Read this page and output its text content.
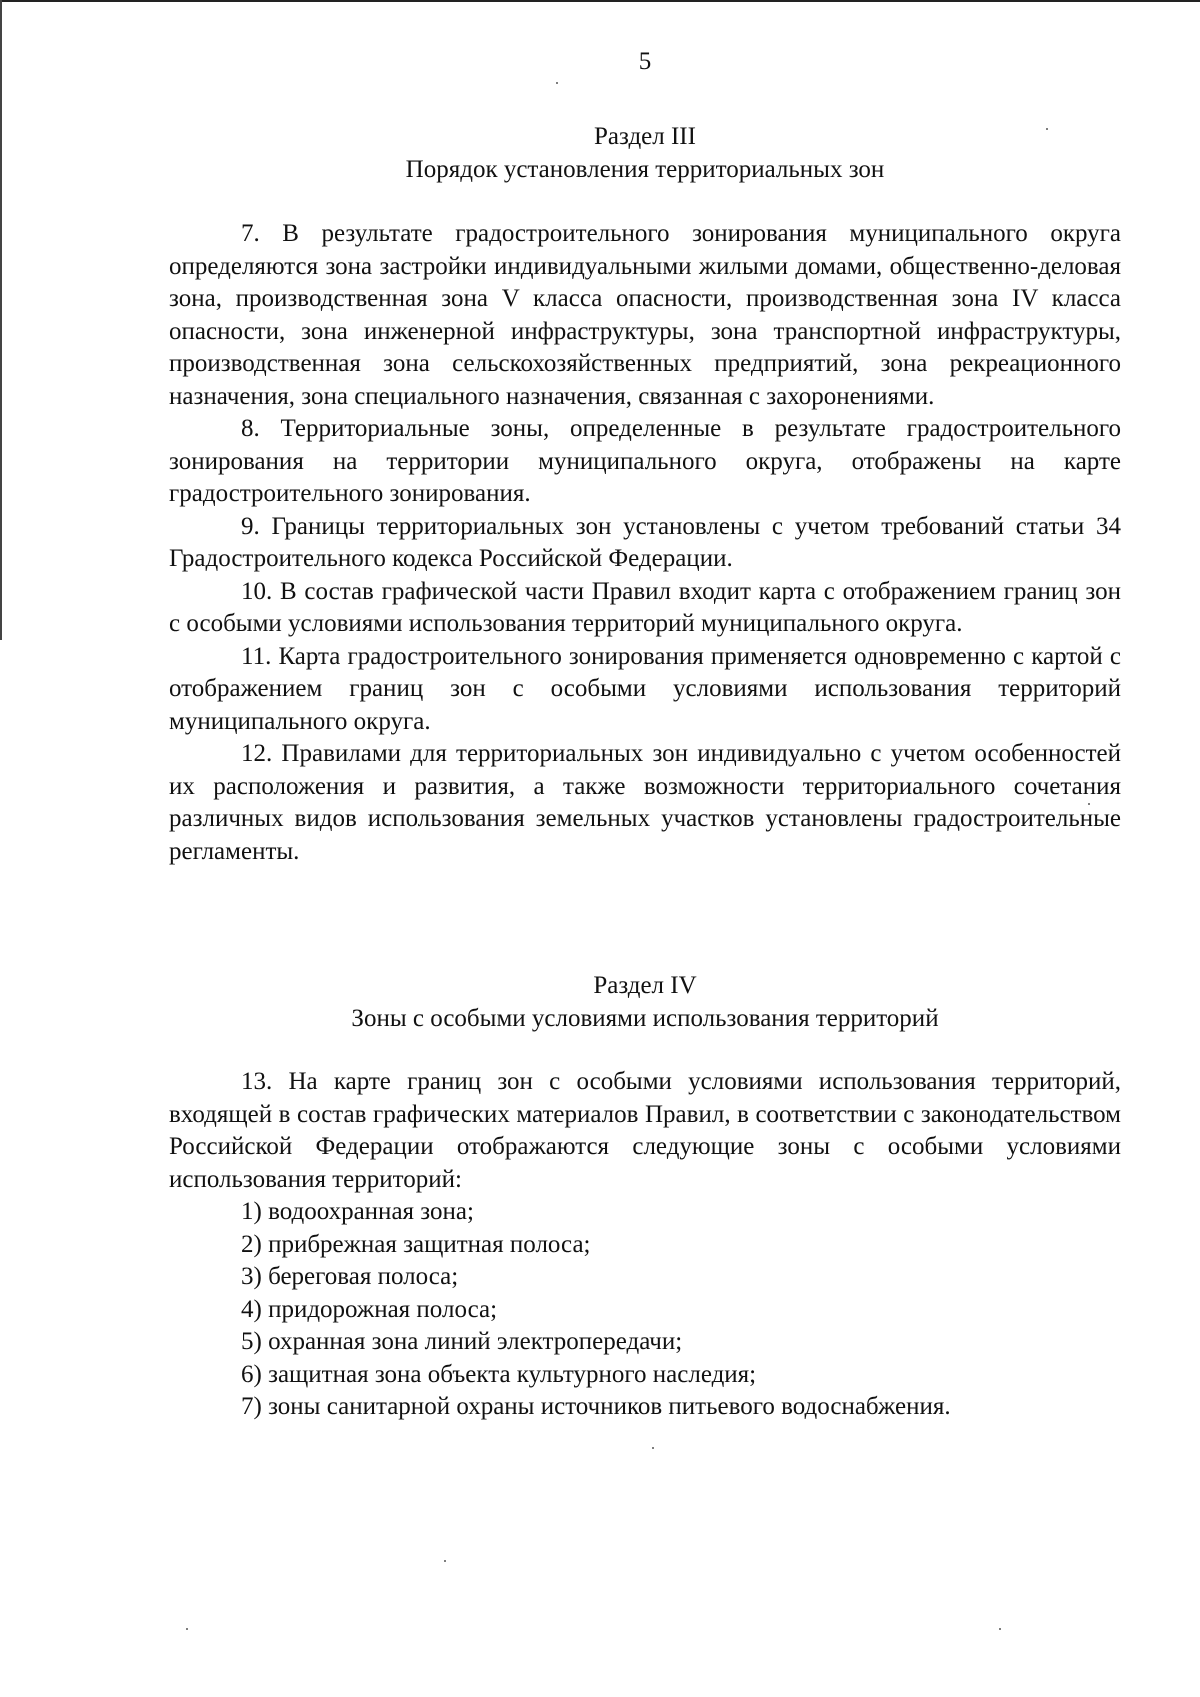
5
Раздел III
Порядок установления территориальных зон

7. В результате градостроительного зонирования муниципального округа определяются зона застройки индивидуальными жилыми домами, общественно-деловая зона, производственная зона V класса опасности, производственная зона IV класса опасности, зона инженерной инфраструктуры, зона транспортной инфраструктуры, производственная зона сельскохозяйственных предприятий, зона рекреационного назначения, зона специального назначения, связанная с захоронениями.

8. Территориальные зоны, определенные в результате градостроительного зонирования на территории муниципального округа, отображены на карте градостроительного зонирования.

9. Границы территориальных зон установлены с учетом требований статьи 34 Градостроительного кодекса Российской Федерации.

10. В состав графической части Правил входит карта с отображением границ зон с особыми условиями использования территорий муниципального округа.

11. Карта градостроительного зонирования применяется одновременно с картой с отображением границ зон с особыми условиями использования территорий муниципального округа.

12. Правилами для территориальных зон индивидуально с учетом особенностей их расположения и развития, а также возможности территориального сочетания различных видов использования земельных участков установлены градостроительные регламенты.

Раздел IV
Зоны с особыми условиями использования территорий

13. На карте границ зон с особыми условиями использования территорий, входящей в состав графических материалов Правил, в соответствии с законодательством Российской Федерации отображаются следующие зоны с особыми условиями использования территорий:

1) водоохранная зона;

2) прибрежная защитная полоса;

3) береговая полоса;

4) придорожная полоса;

5) охранная зона линий электропередачи;

6) защитная зона объекта культурного наследия;

7) зоны санитарной охраны источников питьевого водоснабжения.
